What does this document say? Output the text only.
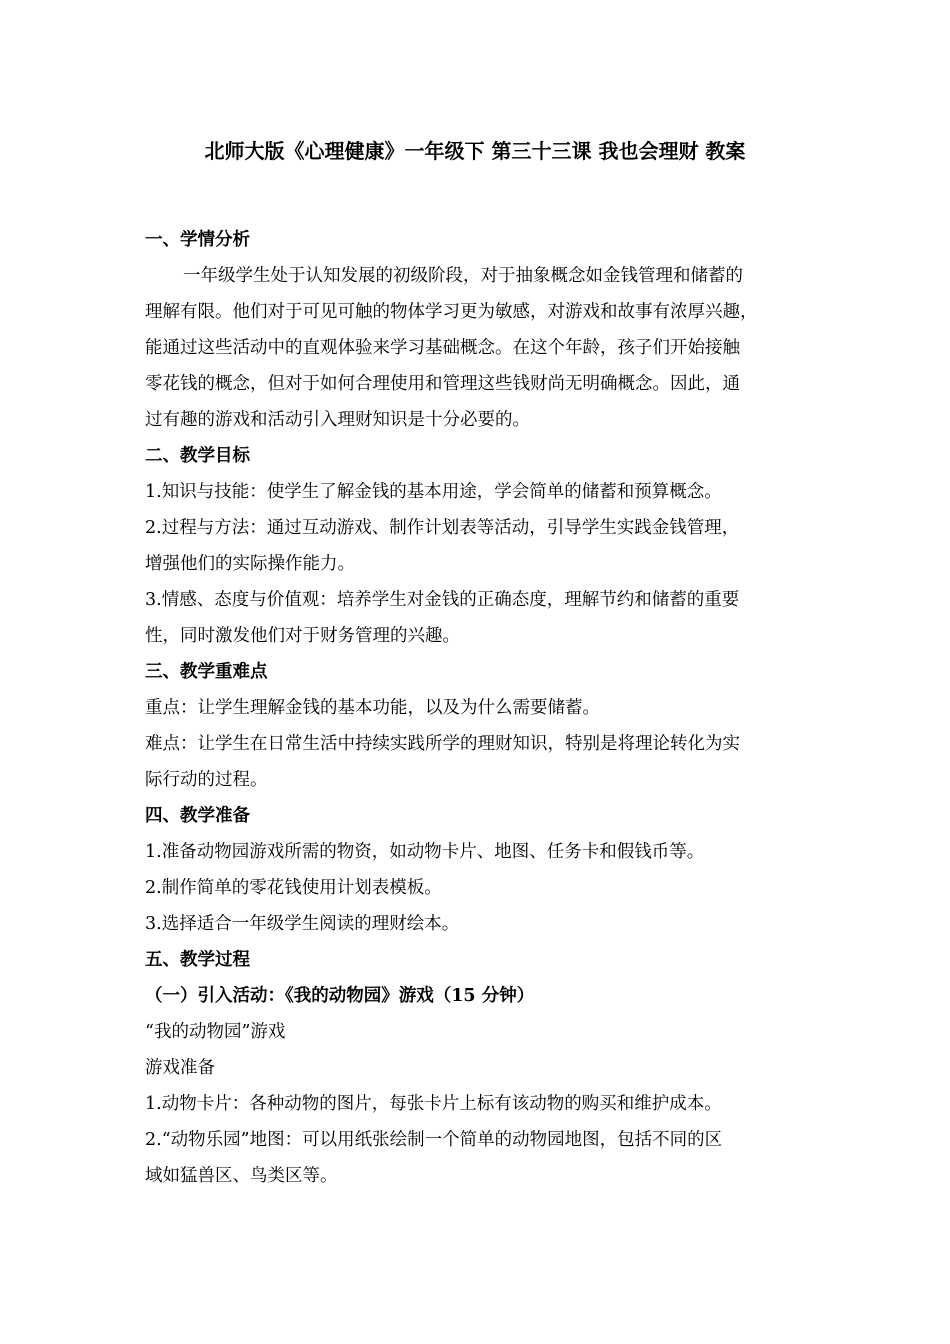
北师大版《心理健康》一年级下 第三十三课 我也会理财 教案
一、学情分析
一年级学生处于认知发展的初级阶段，对于抽象概念如金钱管理和储蓄的
理解有限。他们对于可见可触的物体学习更为敏感，对游戏和故事有浓厚兴趣，
能通过这些活动中的直观体验来学习基础概念。在这个年龄，孩子们开始接触
零花钱的概念，但对于如何合理使用和管理这些钱财尚无明确概念。因此，通
过有趣的游戏和活动引入理财知识是十分必要的。
二、教学目标
1.知识与技能：使学生了解金钱的基本用途，学会简单的储蓄和预算概念。
2.过程与方法：通过互动游戏、制作计划表等活动，引导学生实践金钱管理，
增强他们的实际操作能力。
3.情感、态度与价值观：培养学生对金钱的正确态度，理解节约和储蓄的重要
性，同时激发他们对于财务管理的兴趣。
三、教学重难点
重点：让学生理解金钱的基本功能，以及为什么需要储蓄。
难点：让学生在日常生活中持续实践所学的理财知识，特别是将理论转化为实
际行动的过程。
四、教学准备
1.准备动物园游戏所需的物资，如动物卡片、地图、任务卡和假钱币等。
2.制作简单的零花钱使用计划表模板。
3.选择适合一年级学生阅读的理财绘本。
五、教学过程
（一）引入活动：《我的动物园》游戏（15 分钟）
“我的动物园”游戏
游戏准备
1.动物卡片：各种动物的图片，每张卡片上标有该动物的购买和维护成本。
2.“动物乐园”地图：可以用纸张绘制一个简单的动物园地图，包括不同的区
域如猛兽区、鸟类区等。
